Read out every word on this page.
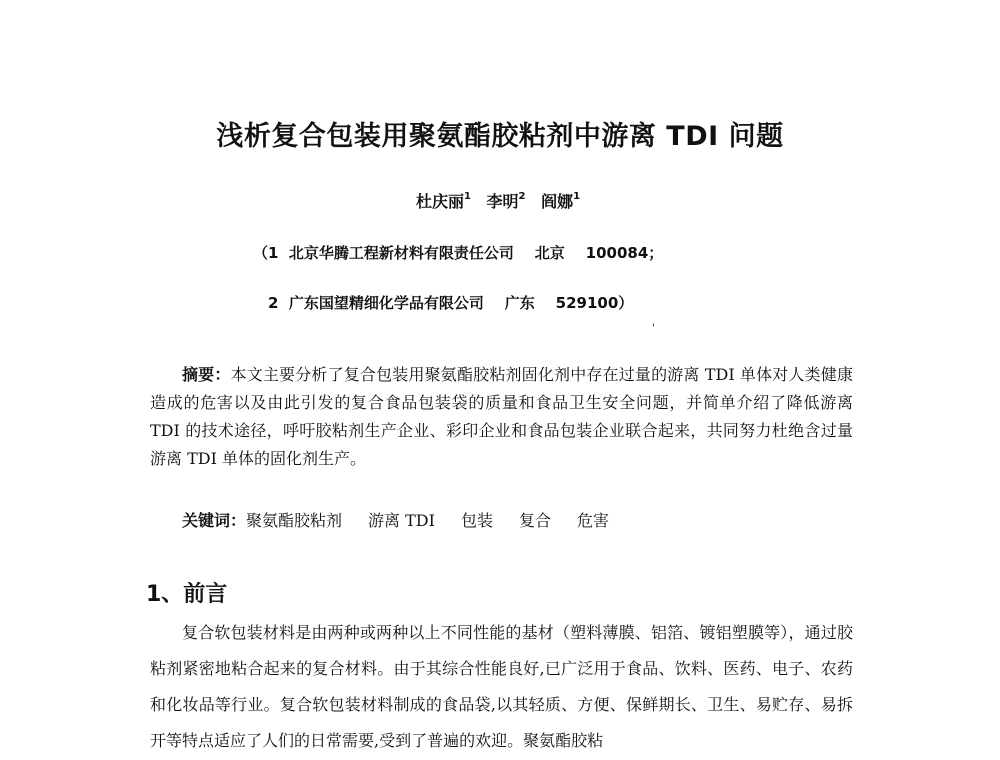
浅析复合包装用聚氨酯胶粘剂中游离 TDI 问题
杜庆丽$^1$ 李明$^2$ 阎娜$^1$
（1  北京华腾工程新材料有限责任公司    北京    100084；
2  广东国望精细化学品有限公司    广东    529100）
'
摘要：本文主要分析了复合包装用聚氨酯胶粘剂固化剂中存在过量的游离 TDI 单体对人类健康造成的危害以及由此引发的复合食品包装袋的质量和食品卫生安全问题，并简单介绍了降低游离 TDI 的技术途径，呼吁胶粘剂生产企业、彩印企业和食品包装企业联合起来，共同努力杜绝含过量游离 TDI 单体的固化剂生产。
关键词：聚氨酯胶粘剂 游离 TDI 包装 复合 危害
1、前言
复合软包装材料是由两种或两种以上不同性能的基材（塑料薄膜、铝箔、镀铝塑膜等），通过胶粘剂紧密地粘合起来的复合材料。由于其综合性能良好,已广泛用于食品、饮料、医药、电子、农药和化妆品等行业。复合软包装材料制成的食品袋,以其轻质、方便、保鲜期长、卫生、易贮存、易拆开等特点适应了人们的日常需要,受到了普遍的欢迎。聚氨酯胶粘
